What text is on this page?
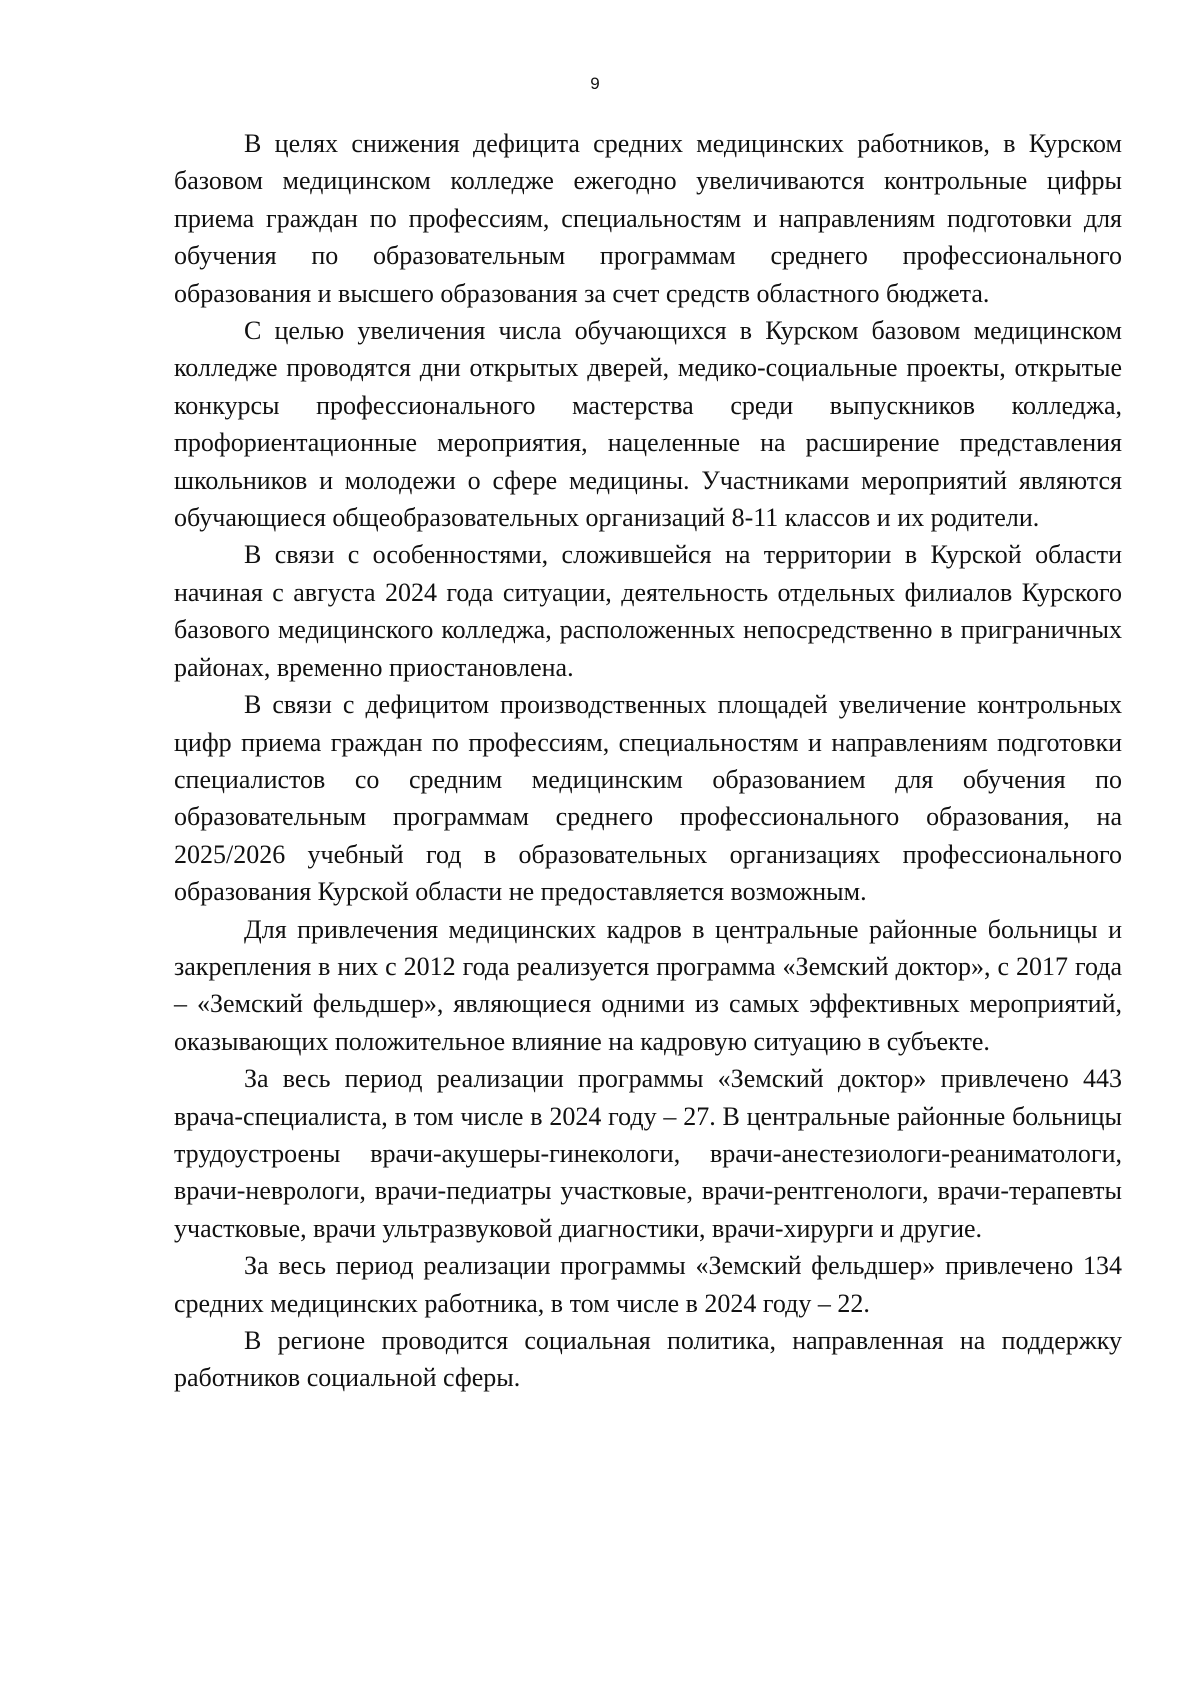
9

В целях снижения дефицита средних медицинских работников, в Курском базовом медицинском колледже ежегодно увеличиваются контрольные цифры приема граждан по профессиям, специальностям и направлениям подготовки для обучения по образовательным программам среднего профессионального образования и высшего образования за счет средств областного бюджета.

С целью увеличения числа обучающихся в Курском базовом медицинском колледже проводятся дни открытых дверей, медико-социальные проекты, открытые конкурсы профессионального мастерства среди выпускников колледжа, профориентационные мероприятия, нацеленные на расширение представления школьников и молодежи о сфере медицины. Участниками мероприятий являются обучающиеся общеобразовательных организаций 8-11 классов и их родители.

В связи с особенностями, сложившейся на территории в Курской области начиная с августа 2024 года ситуации, деятельность отдельных филиалов Курского базового медицинского колледжа, расположенных непосредственно в приграничных районах, временно приостановлена.

В связи с дефицитом производственных площадей увеличение контрольных цифр приема граждан по профессиям, специальностям и направлениям подготовки специалистов со средним медицинским образованием для обучения по образовательным программам среднего профессионального образования, на 2025/2026 учебный год в образовательных организациях профессионального образования Курской области не предоставляется возможным.

Для привлечения медицинских кадров в центральные районные больницы и закрепления в них с 2012 года реализуется программа «Земский доктор», с 2017 года – «Земский фельдшер», являющиеся одними из самых эффективных мероприятий, оказывающих положительное влияние на кадровую ситуацию в субъекте.

За весь период реализации программы «Земский доктор» привлечено 443 врача-специалиста, в том числе в 2024 году – 27. В центральные районные больницы трудоустроены врачи-акушеры-гинекологи, врачи-анестезиологи-реаниматологи, врачи-неврологи, врачи-педиатры участковые, врачи-рентгенологи, врачи-терапевты участковые, врачи ультразвуковой диагностики, врачи-хирурги и другие.

За весь период реализации программы «Земский фельдшер» привлечено 134 средних медицинских работника, в том числе в 2024 году – 22.

В регионе проводится социальная политика, направленная на поддержку работников социальной сферы.
